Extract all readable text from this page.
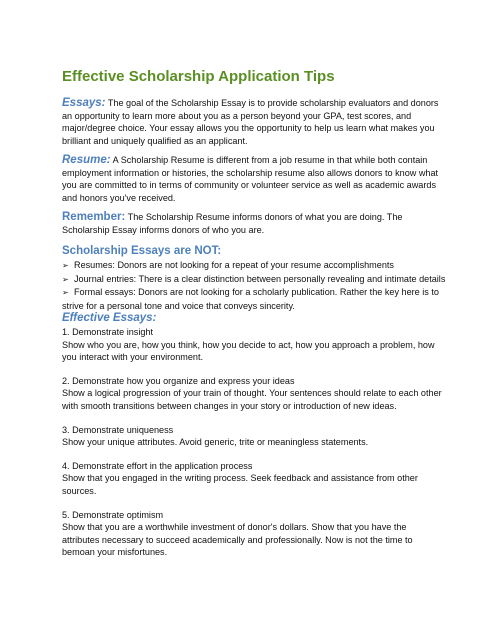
Effective Scholarship Application Tips
Essays: The goal of the Scholarship Essay is to provide scholarship evaluators and donors an opportunity to learn more about you as a person beyond your GPA, test scores, and major/degree choice. Your essay allows you the opportunity to help us learn what makes you brilliant and uniquely qualified as an applicant.
Resume: A Scholarship Resume is different from a job resume in that while both contain employment information or histories, the scholarship resume also allows donors to know what you are committed to in terms of community or volunteer service as well as academic awards and honors you've received.
Remember: The Scholarship Resume informs donors of what you are doing. The Scholarship Essay informs donors of who you are.
Scholarship Essays are NOT:
➢ Resumes: Donors are not looking for a repeat of your resume accomplishments
➢ Journal entries: There is a clear distinction between personally revealing and intimate details
➢ Formal essays: Donors are not looking for a scholarly publication. Rather the key here is to
strive for a personal tone and voice that conveys sincerity.
Effective Essays:
1. Demonstrate insight
Show who you are, how you think, how you decide to act, how you approach a problem, how you interact with your environment.
2. Demonstrate how you organize and express your ideas
Show a logical progression of your train of thought. Your sentences should relate to each other with smooth transitions between changes in your story or introduction of new ideas.
3. Demonstrate uniqueness
Show your unique attributes. Avoid generic, trite or meaningless statements.
4. Demonstrate effort in the application process
Show that you engaged in the writing process. Seek feedback and assistance from other sources.
5. Demonstrate optimism
Show that you are a worthwhile investment of donor's dollars. Show that you have the attributes necessary to succeed academically and professionally. Now is not the time to bemoan your misfortunes.
